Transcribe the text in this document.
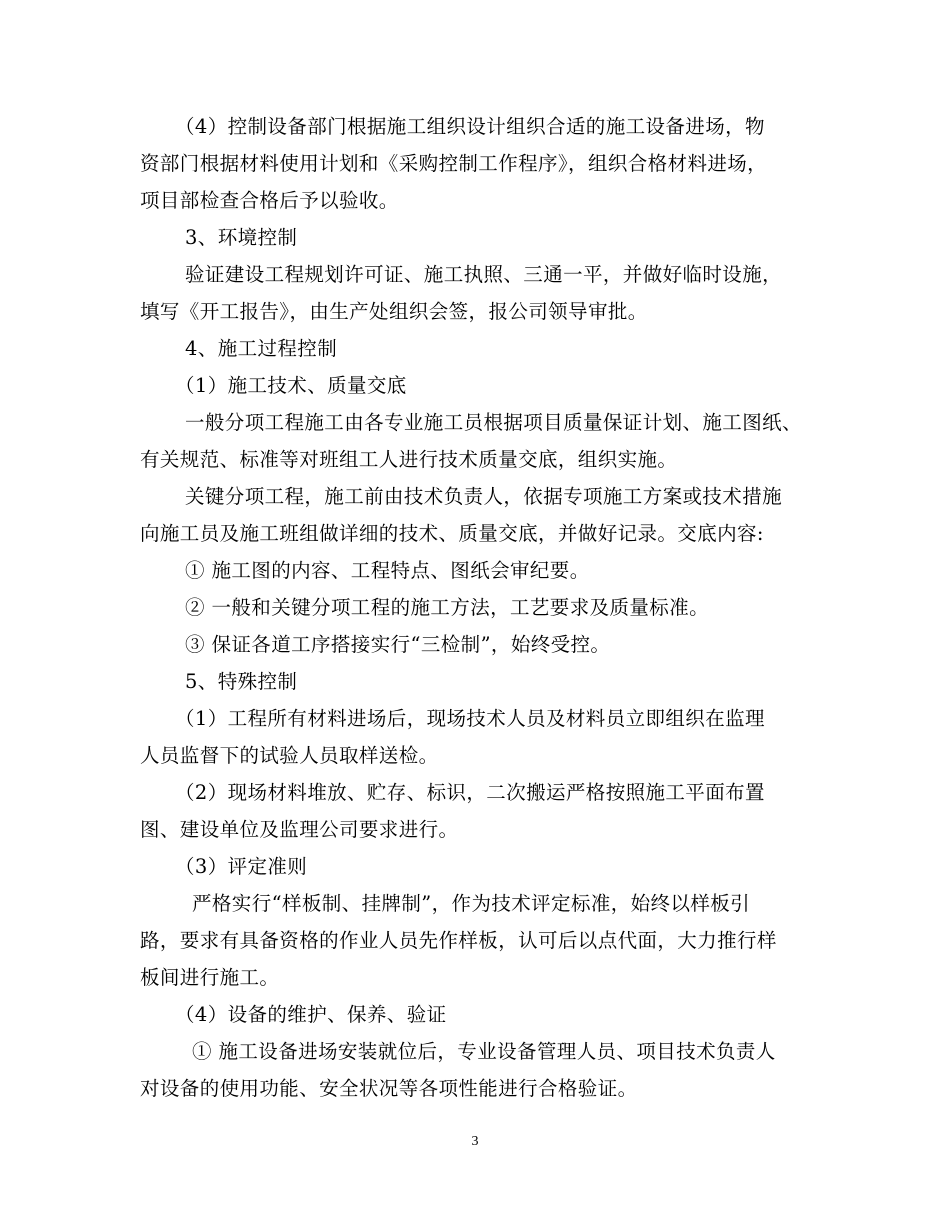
（4）控制设备部门根据施工组织设计组织合适的施工设备进场，物
资部门根据材料使用计划和《采购控制工作程序》，组织合格材料进场，
项目部检查合格后予以验收。
3、环境控制
验证建设工程规划许可证、施工执照、三通一平，并做好临时设施，
填写《开工报告》，由生产处组织会签，报公司领导审批。
4、施工过程控制
（1）施工技术、质量交底
一般分项工程施工由各专业施工员根据项目质量保证计划、施工图纸、
有关规范、标准等对班组工人进行技术质量交底，组织实施。
关键分项工程，施工前由技术负责人，依据专项施工方案或技术措施
向施工员及施工班组做详细的技术、质量交底，并做好记录。交底内容:
① 施工图的内容、工程特点、图纸会审纪要。
② 一般和关键分项工程的施工方法，工艺要求及质量标准。
③ 保证各道工序搭接实行“三检制”，始终受控。
5、特殊控制
（1）工程所有材料进场后，现场技术人员及材料员立即组织在监理
人员监督下的试验人员取样送检。
（2）现场材料堆放、贮存、标识，二次搬运严格按照施工平面布置
图、建设单位及监理公司要求进行。
（3）评定准则
严格实行“样板制、挂牌制”，作为技术评定标准，始终以样板引
路，要求有具备资格的作业人员先作样板，认可后以点代面，大力推行样
板间进行施工。
（4）设备的维护、保养、验证
① 施工设备进场安装就位后，专业设备管理人员、项目技术负责人
对设备的使用功能、安全状况等各项性能进行合格验证。
3
